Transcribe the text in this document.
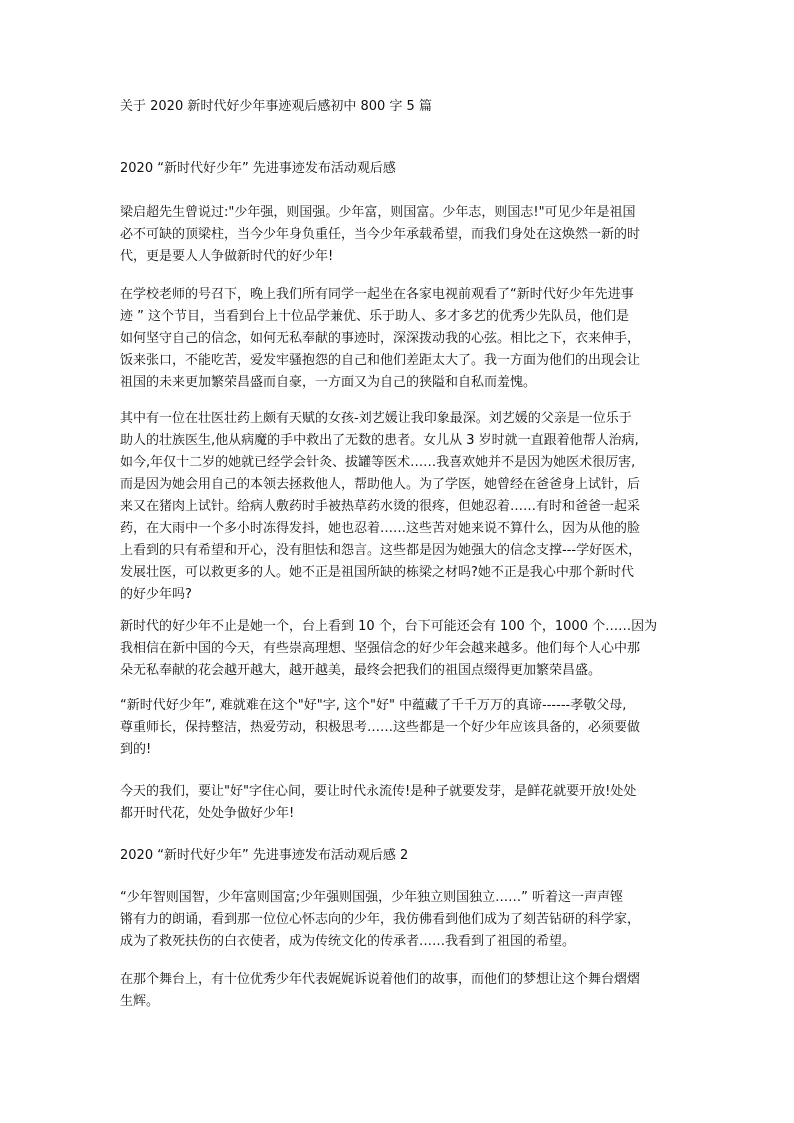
关于 2020 新时代好少年事迹观后感初中 800 字 5 篇
2020 “新时代好少年” 先进事迹发布活动观后感
梁启超先生曾说过:"少年强，则国强。少年富，则国富。少年志，则国志!"可见少年是祖国
必不可缺的顶梁柱，当今少年身负重任，当今少年承载希望，而我们身处在这焕然一新的时
代，更是要人人争做新时代的好少年!
在学校老师的号召下，晚上我们所有同学一起坐在各家电视前观看了“新时代好少年先进事
迹 ” 这个节目，当看到台上十位品学兼优、乐于助人、多才多艺的优秀少先队员，他们是
如何坚守自己的信念，如何无私奉献的事迹时，深深拨动我的心弦。相比之下，衣来伸手，
饭来张口，不能吃苦，爱发牢骚抱怨的自己和他们差距太大了。我一方面为他们的出现会让
祖国的未来更加繁荣昌盛而自豪，一方面又为自己的狭隘和自私而羞愧。
其中有一位在壮医壮药上颇有天赋的女孩-刘艺媛让我印象最深。刘艺媛的父亲是一位乐于
助人的壮族医生,他从病魔的手中救出了无数的患者。女儿从 3 岁时就一直跟着他帮人治病,
如今,年仅十二岁的她就已经学会针灸、拔罐等医术……我喜欢她并不是因为她医术很厉害,
而是因为她会用自己的本领去拯救他人，帮助他人。为了学医，她曾经在爸爸身上试针，后
来又在猪肉上试针。给病人敷药时手被热草药水烫的很疼，但她忍着……有时和爸爸一起采
药，在大雨中一个多小时冻得发抖，她也忍着……这些苦对她来说不算什么，因为从他的脸
上看到的只有希望和开心，没有胆怯和怨言。这些都是因为她强大的信念支撑---学好医术，
发展壮医，可以救更多的人。她不正是祖国所缺的栋梁之材吗?她不正是我心中那个新时代
的好少年吗?
新时代的好少年不止是她一个，台上看到 10 个，台下可能还会有 100 个，1000 个……因为
我相信在新中国的今天，有些崇高理想、坚强信念的好少年会越来越多。他们每个人心中那
朵无私奉献的花会越开越大，越开越美，最终会把我们的祖国点缀得更加繁荣昌盛。
“新时代好少年”, 难就难在这个"好"字, 这个"好" 中蕴藏了千千万万的真谛------孝敬父母,
尊重师长，保持整洁，热爱劳动，积极思考……这些都是一个好少年应该具备的，必须要做
到的!
今天的我们，要让"好"字住心间，要让时代永流传!是种子就要发芽，是鲜花就要开放!处处
都开时代花，处处争做好少年!
2020 “新时代好少年” 先进事迹发布活动观后感 2
“少年智则国智，少年富则国富;少年强则国强，少年独立则国独立……” 听着这一声声铿
锵有力的朗诵，看到那一位位心怀志向的少年，我仿佛看到他们成为了刻苦钻研的科学家，
成为了救死扶伤的白衣使者，成为传统文化的传承者……我看到了祖国的希望。
在那个舞台上，有十位优秀少年代表娓娓诉说着他们的故事，而他们的梦想让这个舞台熠熠
生辉。
